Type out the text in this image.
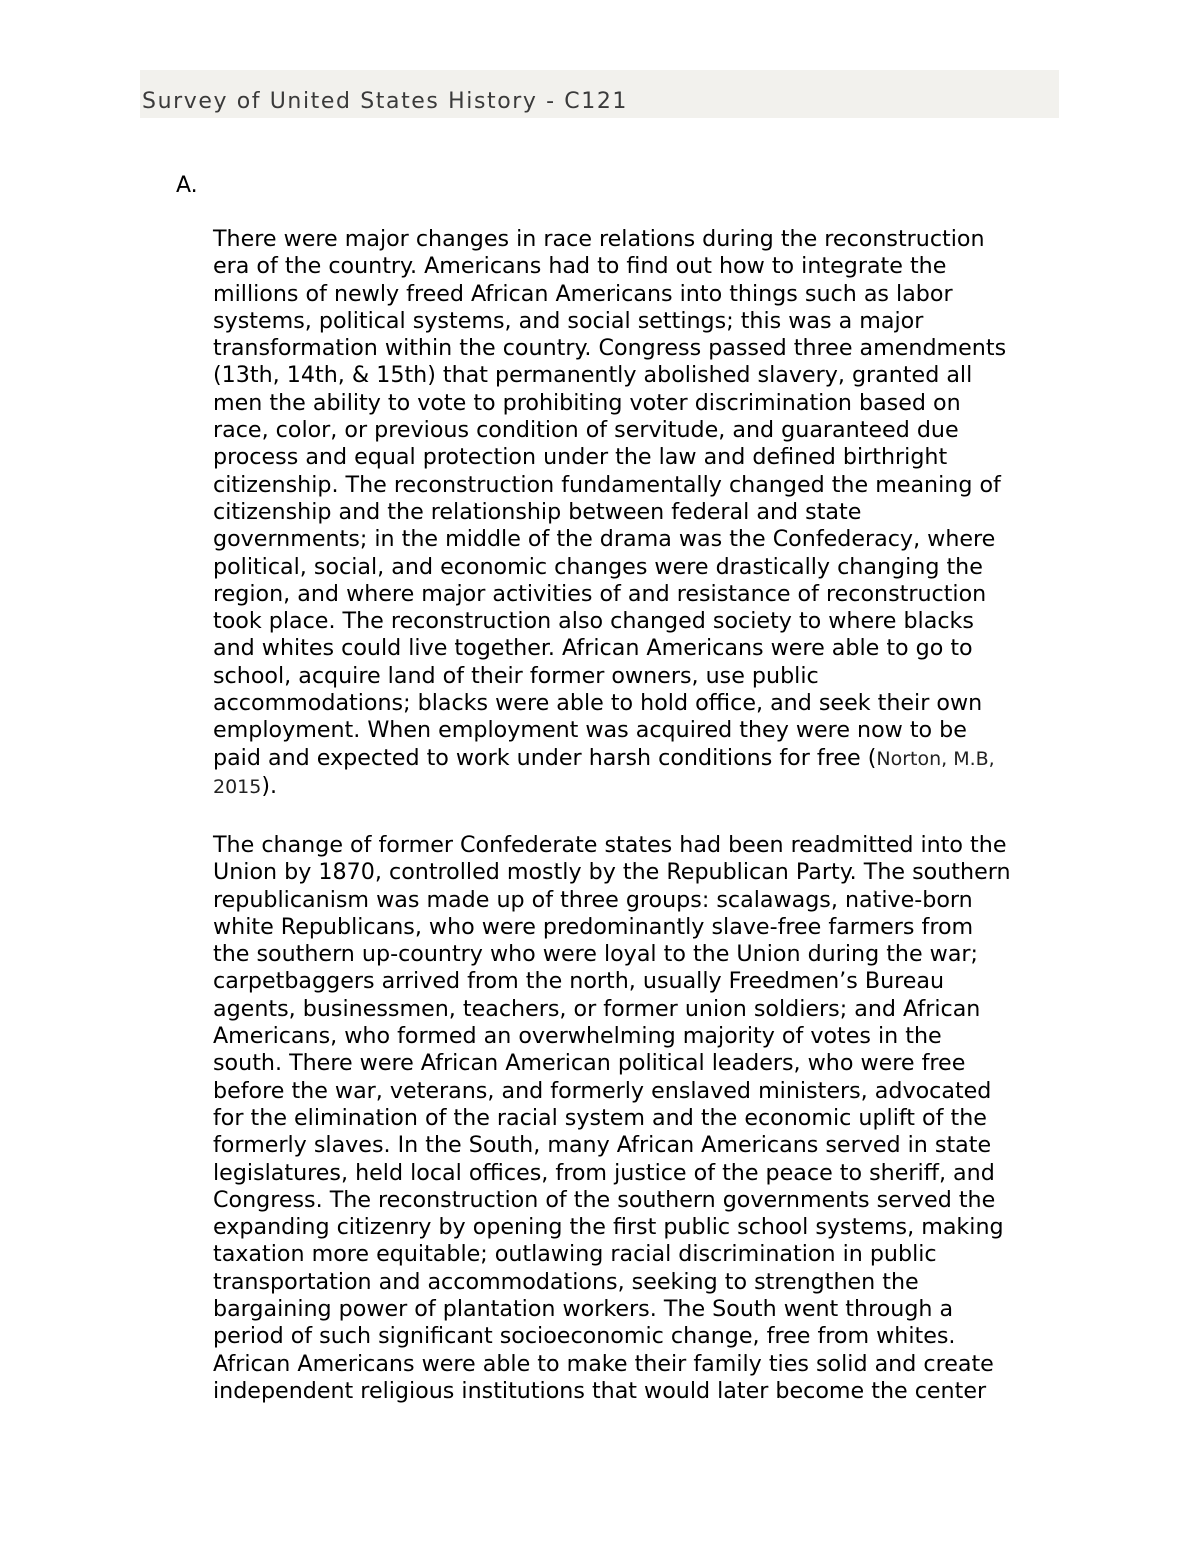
Survey of United States History - C121
A.
There were major changes in race relations during the reconstruction
era of the country. Americans had to find out how to integrate the
millions of newly freed African Americans into things such as labor
systems, political systems, and social settings; this was a major
transformation within the country. Congress passed three amendments
(13th, 14th, & 15th) that permanently abolished slavery, granted all
men the ability to vote to prohibiting voter discrimination based on
race, color, or previous condition of servitude, and guaranteed due
process and equal protection under the law and defined birthright
citizenship. The reconstruction fundamentally changed the meaning of
citizenship and the relationship between federal and state
governments; in the middle of the drama was the Confederacy, where
political, social, and economic changes were drastically changing the
region, and where major activities of and resistance of reconstruction
took place. The reconstruction also changed society to where blacks
and whites could live together. African Americans were able to go to
school, acquire land of their former owners, use public
accommodations; blacks were able to hold office, and seek their own
employment. When employment was acquired they were now to be
paid and expected to work under harsh conditions for free (Norton, M.B,
2015).
The change of former Confederate states had been readmitted into the
Union by 1870, controlled mostly by the Republican Party. The southern
republicanism was made up of three groups: scalawags, native-born
white Republicans, who were predominantly slave-free farmers from
the southern up-country who were loyal to the Union during the war;
carpetbaggers arrived from the north, usually Freedmen’s Bureau
agents, businessmen, teachers, or former union soldiers; and African
Americans, who formed an overwhelming majority of votes in the
south. There were African American political leaders, who were free
before the war, veterans, and formerly enslaved ministers, advocated
for the elimination of the racial system and the economic uplift of the
formerly slaves. In the South, many African Americans served in state
legislatures, held local offices, from justice of the peace to sheriff, and
Congress. The reconstruction of the southern governments served the
expanding citizenry by opening the first public school systems, making
taxation more equitable; outlawing racial discrimination in public
transportation and accommodations, seeking to strengthen the
bargaining power of plantation workers. The South went through a
period of such significant socioeconomic change, free from whites.
African Americans were able to make their family ties solid and create
independent religious institutions that would later become the center
